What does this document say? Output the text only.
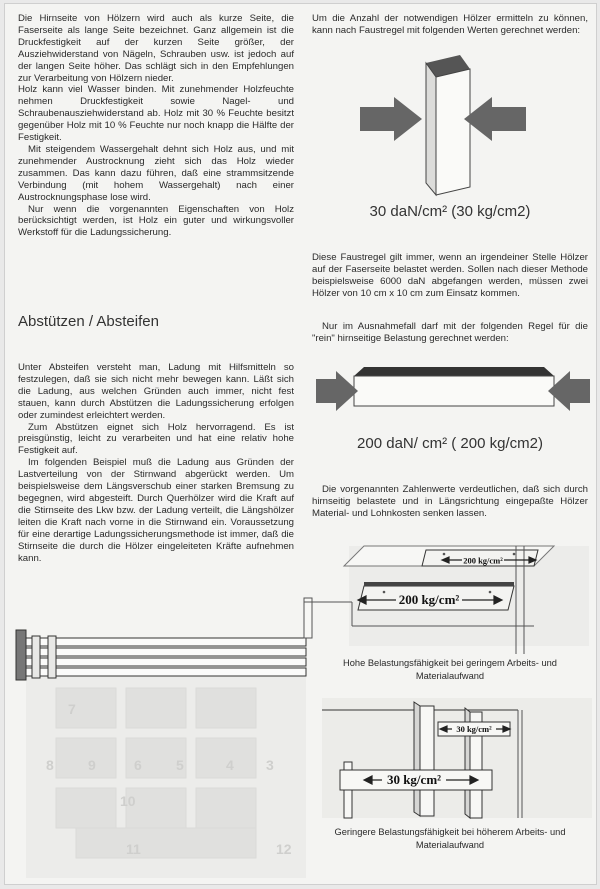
Die Hirnseite von Hölzern wird auch als kurze Seite, die Faserseite als lange Seite bezeichnet. Ganz allgemein ist die Druckfestigkeit auf der kurzen Seite größer, der Ausziehwiderstand von Nägeln, Schrauben usw. ist jedoch auf der langen Seite höher. Das schlägt sich in den Empfehlungen zur Verarbeitung von Hölzern nieder.

Holz kann viel Wasser binden. Mit zunehmender Holzfeuchte nehmen Druckfestigkeit sowie Nagel- und Schraubenausziehwiderstand ab. Holz mit 30 % Feuchte besitzt gegenüber Holz mit 10 % Feuchte nur noch knapp die Hälfte der Festigkeit.

Mit steigendem Wassergehalt dehnt sich Holz aus, und mit zunehmender Austrocknung zieht sich das Holz wieder zusammen. Das kann dazu führen, daß eine strammsitzende Verbindung (mit hohem Wassergehalt) nach einer Austrocknungsphase lose wird.

Nur wenn die vorgenannten Eigenschaften von Holz berücksichtigt werden, ist Holz ein guter und wirkungsvoller Werkstoff für die Ladungssicherung.

Abstützen / Absteifen

Unter Absteifen versteht man, Ladung mit Hilfsmitteln so festzulegen, daß sie sich nicht mehr bewegen kann. Läßt sich die Ladung, aus welchen Gründen auch immer, nicht fest stauen, kann durch Abstützen die Ladungssicherung erfolgen oder zumindest erleichtert werden.

Zum Abstützen eignet sich Holz hervorragend. Es ist preisgünstig, leicht zu verarbeiten und hat eine relativ hohe Festigkeit auf.

Im folgenden Beispiel muß die Ladung aus Gründen der Lastverteilung von der Stirnwand abgerückt werden. Um beispielsweise dem Längsverschub einer starken Bremsung zu begegnen, wird abgesteift. Durch Querhölzer wird die Kraft auf die Stirnseite des Lkw bzw. der Ladung verteilt, die Längshölzer leiten die Kraft nach vorne in die Stirnwand ein. Voraussetzung für eine derartige Ladungssicherungsmethode ist immer, daß die Stirnseite die durch die Hölzer eingeleiteten Kräfte aufnehmen kann.

7
8 9	6 5	4 3
10
11	12
Um die Anzahl der notwendigen Hölzer ermitteln zu können, kann nach Faustregel mit folgenden Werten gerechnet werden:
30 daN/cm² (30 kg/cm2)
Diese Faustregel gilt immer, wenn an irgendeiner Stelle Hölzer auf der Faserseite belastet werden. Sollen nach dieser Methode beispielsweise 6000 daN abgefangen werden, müssen zwei Hölzer von 10 cm x 10 cm zum Einsatz kommen.
Nur im Ausnahmefall darf mit der folgenden Regel für die "rein" hirnseitige Belastung gerechnet werden:
200 daN/ cm² ( 200 kg/cm2)
Die vorgenannten Zahlenwerte verdeutlichen, daß sich durch hirnseitig belastete und in Längsrichtung eingepaßte Hölzer Material- und Lohnkosten senken lassen.
200 kg/cm²
200 kg/cm²
Hohe Belastungsfähigkeit bei geringem Arbeits- und Materialaufwand
30 kg/cm²
30 kg/cm²
Geringere Belastungsfähigkeit bei höherem Arbeits- und Materialaufwand
